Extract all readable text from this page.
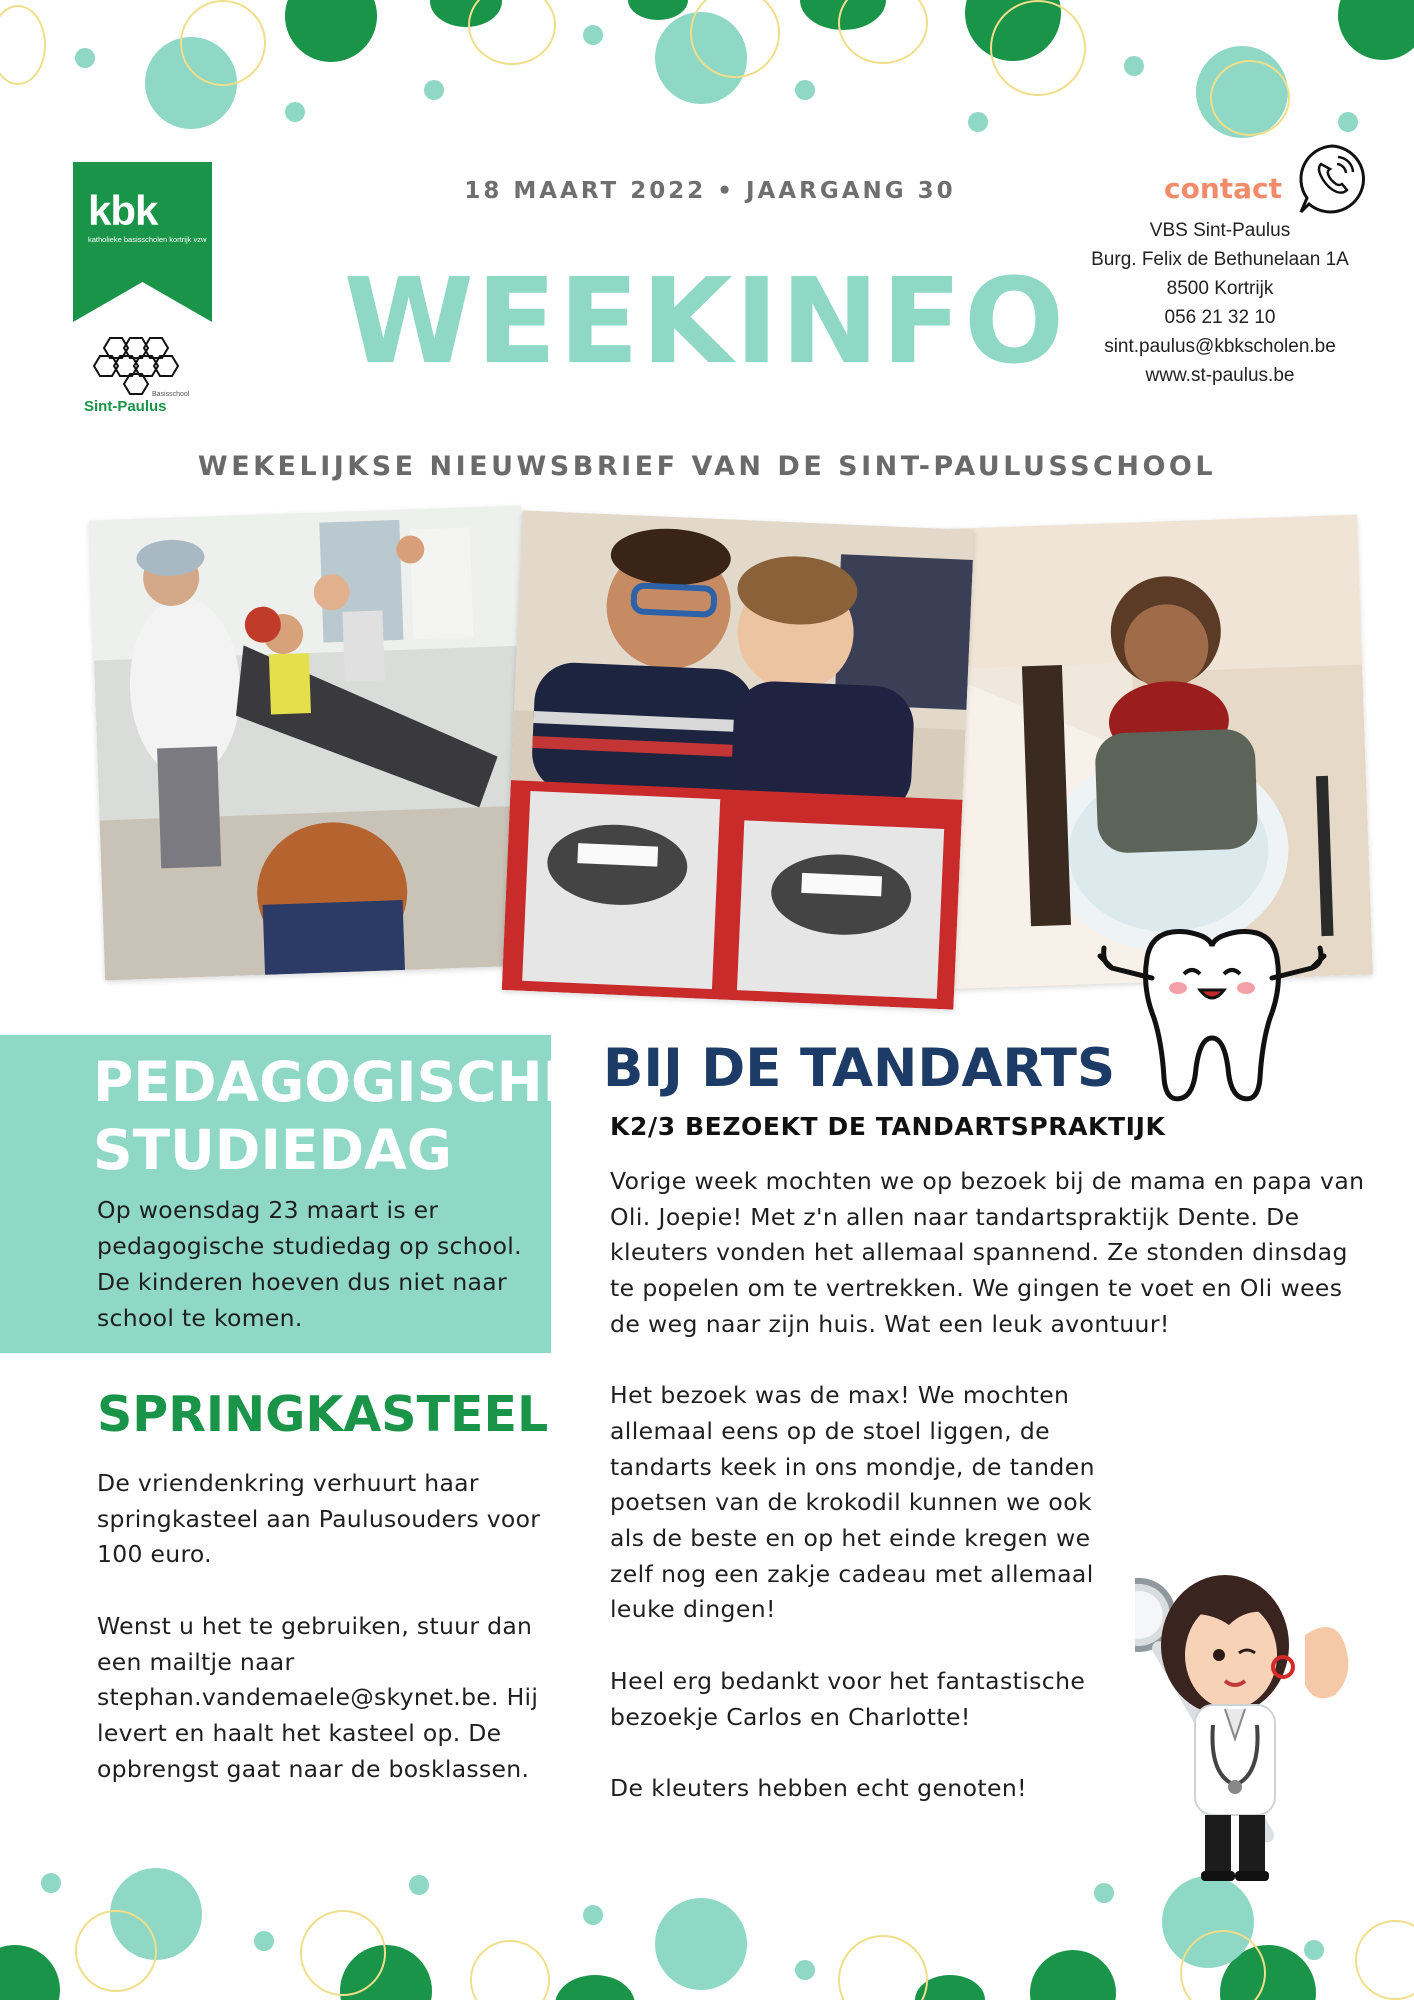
kbk
katholieke basisscholen kortrijk vzw
Basisschool
Sint-Paulus
18 MAART 2022 • JAARGANG 30
WEEKINFO
WEKELIJKSE NIEUWSBRIEF VAN DE SINT-PAULUSSCHOOL
contact
VBS Sint-Paulus
Burg. Felix de Bethunelaan 1A
8500 Kortrijk
056 21 32 10
sint.paulus@kbkscholen.be
www.st-paulus.be
PEDAGOGISCHE
STUDIEDAG
Op woensdag 23 maart is er pedagogische studiedag op school. De kinderen hoeven dus niet naar school te komen.
SPRINGKASTEEL

De vriendenkring verhuurt haar springkasteel aan Paulusouders voor 100 euro.

Wenst u het te gebruiken, stuur dan een mailtje naar stephan.vandemaele@skynet.be. Hij levert en haalt het kasteel op. De opbrengst gaat naar de bosklassen.

BIJ DE TANDARTS
K2/3 BEZOEKT DE TANDARTSPRAKTIJK

Vorige week mochten we op bezoek bij de mama en papa van Oli. Joepie! Met z'n allen naar tandartspraktijk Dente. De kleuters vonden het allemaal spannend. Ze stonden dinsdag te popelen om te vertrekken. We gingen te voet en Oli wees de weg naar zijn huis. Wat een leuk avontuur!

Het bezoek was de max! We mochten allemaal eens op de stoel liggen, de tandarts keek in ons mondje, de tanden poetsen van de krokodil kunnen we ook als de beste en op het einde kregen we zelf nog een zakje cadeau met allemaal leuke dingen!

Heel erg bedankt voor het fantastische bezoekje Carlos en Charlotte!

De kleuters hebben echt genoten!
